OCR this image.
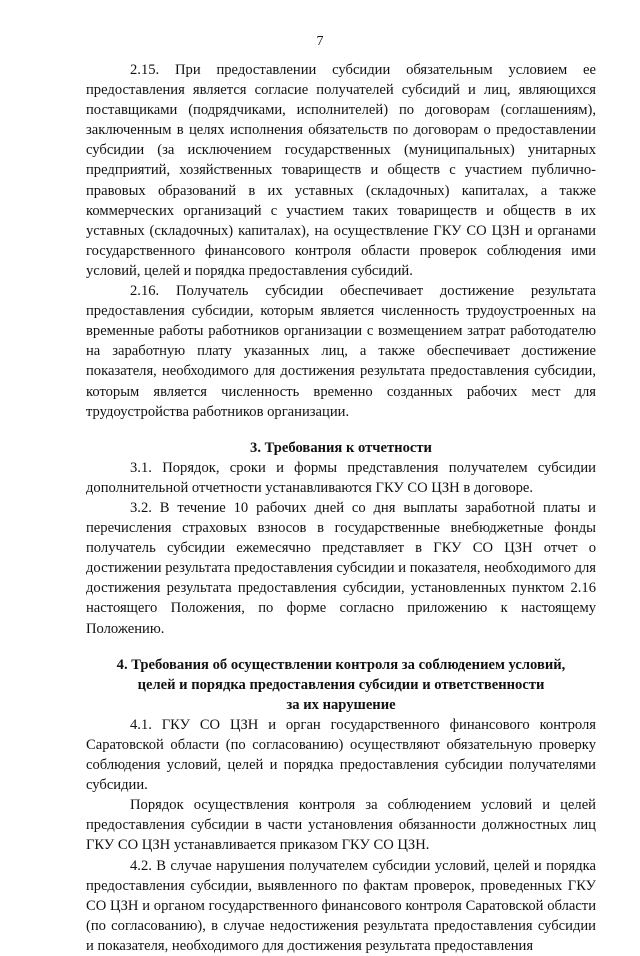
7

2.15. При предоставлении субсидии обязательным условием ее предоставления является согласие получателей субсидий и лиц, являющихся поставщиками (подрядчиками, исполнителей) по договорам (соглашениям), заключенным в целях исполнения обязательств по договорам о предоставлении субсидии (за исключением государственных (муниципальных) унитарных предприятий, хозяйственных товариществ и обществ с участием публично-правовых образований в их уставных (складочных) капиталах, а также коммерческих организаций с участием таких товариществ и обществ в их уставных (складочных) капиталах), на осуществление ГКУ СО ЦЗН и органами государственного финансового контроля области проверок соблюдения ими условий, целей и порядка предоставления субсидий.

2.16. Получатель субсидии обеспечивает достижение результата предоставления субсидии, которым является численность трудоустроенных на временные работы работников организации с возмещением затрат работодателю на заработную плату указанных лиц, а также обеспечивает достижение показателя, необходимого для достижения результата предоставления субсидии, которым является численность временно созданных рабочих мест для трудоустройства работников организации.

3. Требования к отчетности

3.1. Порядок, сроки и формы представления получателем субсидии дополнительной отчетности устанавливаются ГКУ СО ЦЗН в договоре.

3.2. В течение 10 рабочих дней со дня выплаты заработной платы и перечисления страховых взносов в государственные внебюджетные фонды получатель субсидии ежемесячно представляет в ГКУ СО ЦЗН отчет о достижении результата предоставления субсидии и показателя, необходимого для достижения результата предоставления субсидии, установленных пунктом 2.16 настоящего Положения, по форме согласно приложению к настоящему Положению.

4. Требования об осуществлении контроля за соблюдением условий,
целей и порядка предоставления субсидии и ответственности
за их нарушение

4.1. ГКУ СО ЦЗН и орган государственного финансового контроля Саратовской области (по согласованию) осуществляют обязательную проверку соблюдения условий, целей и порядка предоставления субсидии получателями субсидии.

Порядок осуществления контроля за соблюдением условий и целей предоставления субсидии в части установления обязанности должностных лиц ГКУ СО ЦЗН устанавливается приказом ГКУ СО ЦЗН.

4.2. В случае нарушения получателем субсидии условий, целей и порядка предоставления субсидии, выявленного по фактам проверок, проведенных ГКУ СО ЦЗН и органом государственного финансового контроля Саратовской области (по согласованию), в случае недостижения результата предоставления субсидии и показателя, необходимого для достижения результата предоставления
